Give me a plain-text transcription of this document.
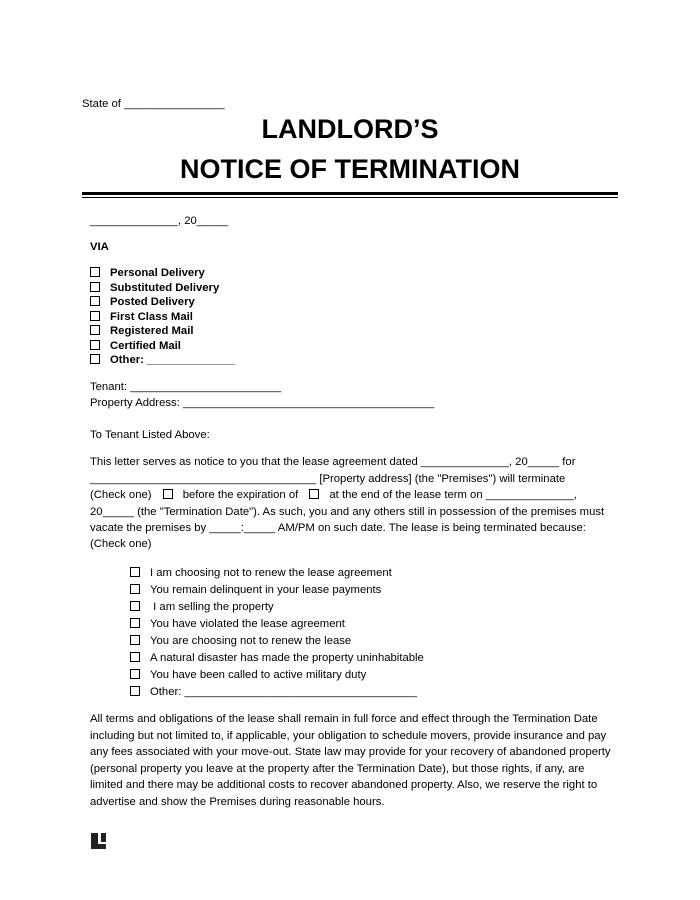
State of ________________
LANDLORD’S
NOTICE OF TERMINATION
______________, 20_____
VIA
Personal Delivery
Substituted Delivery
Posted Delivery
First Class Mail
Registered Mail
Certified Mail
Other: ______________
Tenant: ________________________
Property Address: ________________________________________
To Tenant Listed Above:
This letter serves as notice to you that the lease agreement dated ______________, 20_____ for
____________________________________ [Property address] (the "Premises") will terminate
(Check one)	before the expiration of	at the end of the lease term on ______________,
20_____ (the "Termination Date"). As such, you and any others still in possession of the premises must
vacate the premises by _____:_____ AM/PM on such date. The lease is being terminated because:
(Check one)
I am choosing not to renew the lease agreement
You remain delinquent in your lease payments
I am selling the property
You have violated the lease agreement
You are choosing not to renew the lease
A natural disaster has made the property uninhabitable
You have been called to active military duty
Other: _____________________________________
All terms and obligations of the lease shall remain in full force and effect through the Termination Date
including but not limited to, if applicable, your obligation to schedule movers, provide insurance and pay
any fees associated with your move-out. State law may provide for your recovery of abandoned property
(personal property you leave at the property after the Termination Date), but those rights, if any, are
limited and there may be additional costs to recover abandoned property. Also, we reserve the right to
advertise and show the Premises during reasonable hours.
